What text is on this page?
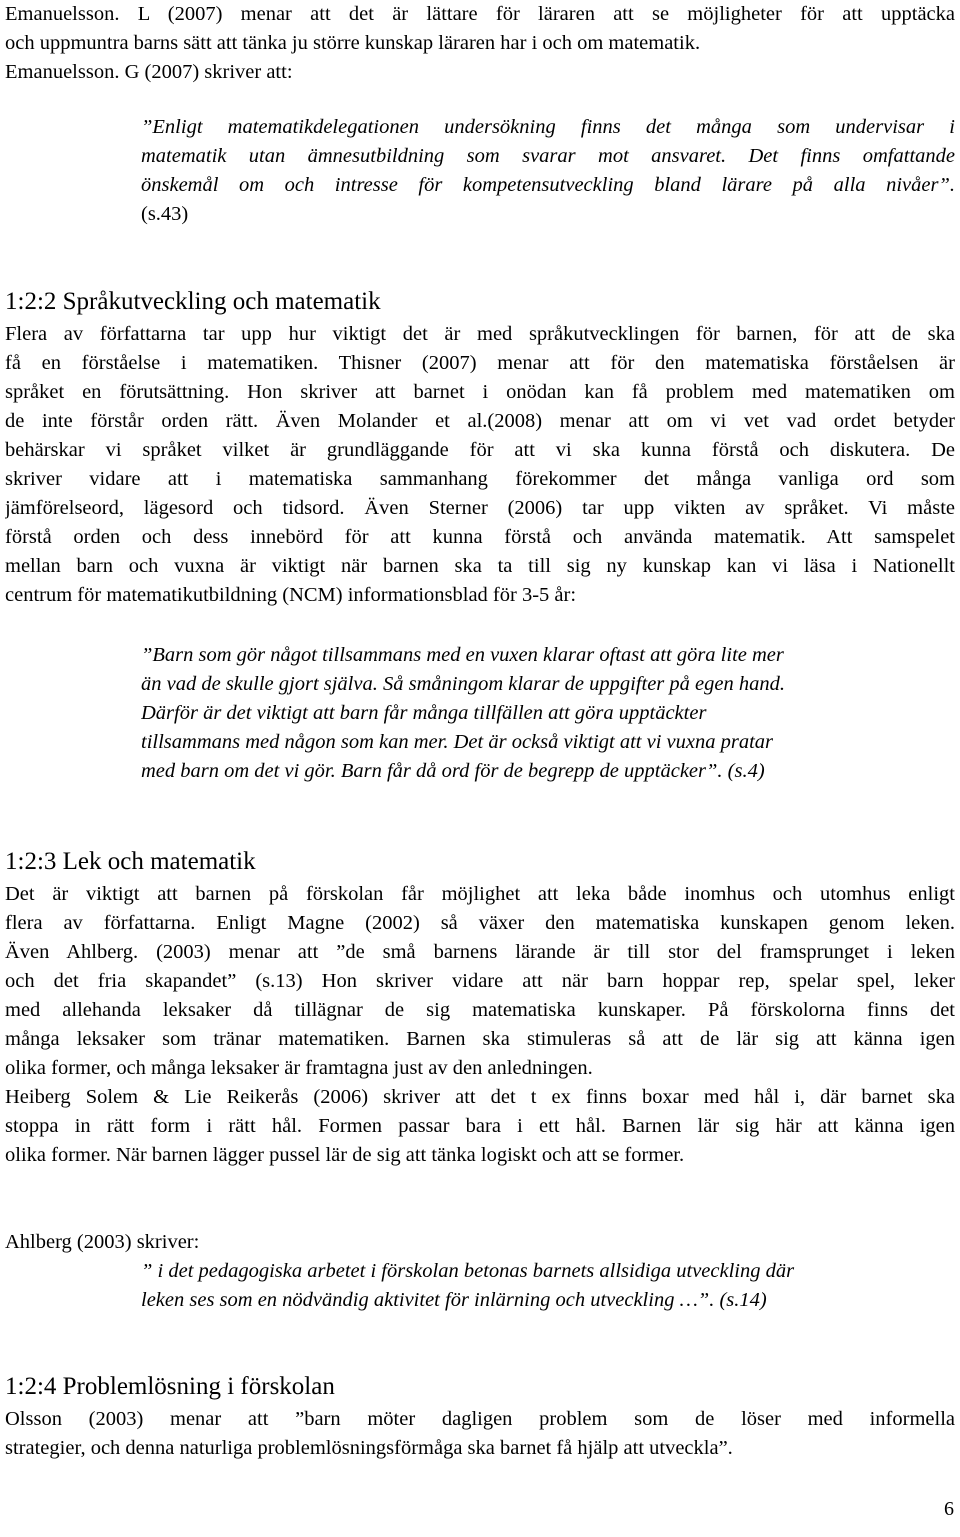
Emanuelsson. L (2007) menar att det är lättare för läraren att se möjligheter för att upptäcka
och uppmuntra barns sätt att tänka ju större kunskap läraren har i och om matematik.
Emanuelsson. G (2007) skriver att:
”Enligt matematikdelegationen undersökning finns det många som undervisar i
matematik utan ämnesutbildning som svarar mot ansvaret. Det finns omfattande
önskemål om och intresse för kompetensutveckling bland lärare på alla nivåer”.
(s.43)
1:2:2 Språkutveckling och matematik
Flera av författarna tar upp hur viktigt det är med språkutvecklingen för barnen, för att de ska
få en förståelse i matematiken. Thisner (2007) menar att för den matematiska förståelsen är
språket en förutsättning. Hon skriver att barnet i onödan kan få problem med matematiken om
de inte förstår orden rätt. Även Molander et al.(2008) menar att om vi vet vad ordet betyder
behärskar vi språket vilket är grundläggande för att vi ska kunna förstå och diskutera. De
skriver vidare att i matematiska sammanhang förekommer det många vanliga ord som
jämförelseord, lägesord och tidsord. Även Sterner (2006) tar upp vikten av språket. Vi måste
förstå orden och dess innebörd för att kunna förstå och använda matematik. Att samspelet
mellan barn och vuxna är viktigt när barnen ska ta till sig ny kunskap kan vi läsa i Nationellt
centrum för matematikutbildning (NCM) informationsblad för 3-5 år:
”Barn som gör något tillsammans med en vuxen klarar oftast att göra lite mer
än vad de skulle gjort själva. Så småningom klarar de uppgifter på egen hand.
Därför är det viktigt att barn får många tillfällen att göra upptäckter
tillsammans med någon som kan mer. Det är också viktigt att vi vuxna pratar
med barn om det vi gör. Barn får då ord för de begrepp de upptäcker”. (s.4)
1:2:3 Lek och matematik
Det är viktigt att barnen på förskolan får möjlighet att leka både inomhus och utomhus enligt
flera av författarna. Enligt Magne (2002) så växer den matematiska kunskapen genom leken.
Även Ahlberg. (2003) menar att ”de små barnens lärande är till stor del framsprunget i leken
och det fria skapandet” (s.13) Hon skriver vidare att när barn hoppar rep, spelar spel, leker
med allehanda leksaker då tillägnar de sig matematiska kunskaper. På förskolorna finns det
många leksaker som tränar matematiken. Barnen ska stimuleras så att de lär sig att känna igen
olika former, och många leksaker är framtagna just av den anledningen.
Heiberg Solem & Lie Reikerås (2006) skriver att det t ex finns boxar med hål i, där barnet ska
stoppa in rätt form i rätt hål. Formen passar bara i ett hål. Barnen lär sig här att känna igen
olika former. När barnen lägger pussel lär de sig att tänka logiskt och att se former.
Ahlberg (2003) skriver:
” i det pedagogiska arbetet i förskolan betonas barnets allsidiga utveckling där
leken ses som en nödvändig aktivitet för inlärning och utveckling …”. (s.14)
1:2:4 Problemlösning i förskolan
Olsson (2003) menar att ”barn möter dagligen problem som de löser med informella
strategier, och denna naturliga problemlösningsförmåga ska barnet få hjälp att utveckla”.
6
